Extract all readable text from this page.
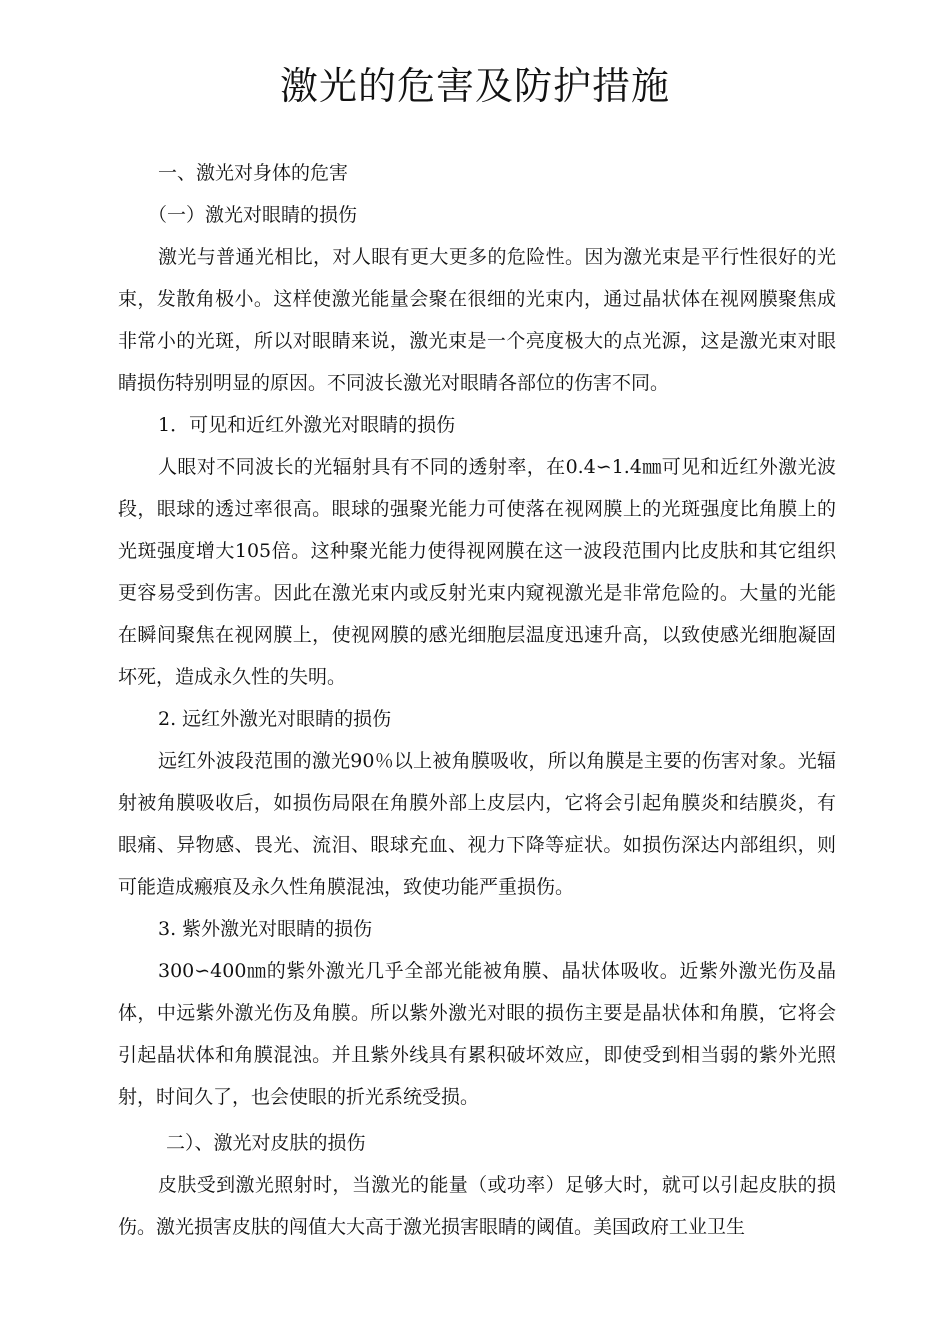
激光的危害及防护措施

一、激光对身体的危害

（一）激光对眼睛的损伤

激光与普通光相比，对人眼有更大更多的危险性。因为激光束是平行性很好的光束，发散角极小。这样使激光能量会聚在很细的光束内，通过晶状体在视网膜聚焦成非常小的光斑，所以对眼睛来说，激光束是一个亮度极大的点光源，这是激光束对眼睛损伤特别明显的原因。不同波长激光对眼睛各部位的伤害不同。

1．可见和近红外激光对眼睛的损伤

人眼对不同波长的光辐射具有不同的透射率，在0.4∽1.4㎜可见和近红外激光波段，眼球的透过率很高。眼球的强聚光能力可使落在视网膜上的光斑强度比角膜上的光斑强度增大105倍。这种聚光能力使得视网膜在这一波段范围内比皮肤和其它组织更容易受到伤害。因此在激光束内或反射光束内窥视激光是非常危险的。大量的光能在瞬间聚焦在视网膜上，使视网膜的感光细胞层温度迅速升高，以致使感光细胞凝固坏死，造成永久性的失明。

2. 远红外激光对眼睛的损伤

远红外波段范围的激光90％以上被角膜吸收，所以角膜是主要的伤害对象。光辐射被角膜吸收后，如损伤局限在角膜外部上皮层内，它将会引起角膜炎和结膜炎，有眼痛、异物感、畏光、流泪、眼球充血、视力下降等症状。如损伤深达内部组织，则可能造成瘢痕及永久性角膜混浊，致使功能严重损伤。

3. 紫外激光对眼睛的损伤

300∽400㎚的紫外激光几乎全部光能被角膜、晶状体吸收。近紫外激光伤及晶体，中远紫外激光伤及角膜。所以紫外激光对眼的损伤主要是晶状体和角膜，它将会引起晶状体和角膜混浊。并且紫外线具有累积破坏效应，即使受到相当弱的紫外光照射，时间久了，也会使眼的折光系统受损。

二）、激光对皮肤的损伤

皮肤受到激光照射时，当激光的能量（或功率）足够大时，就可以引起皮肤的损伤。激光损害皮肤的闯值大大高于激光损害眼睛的阈值。美国政府工业卫生
